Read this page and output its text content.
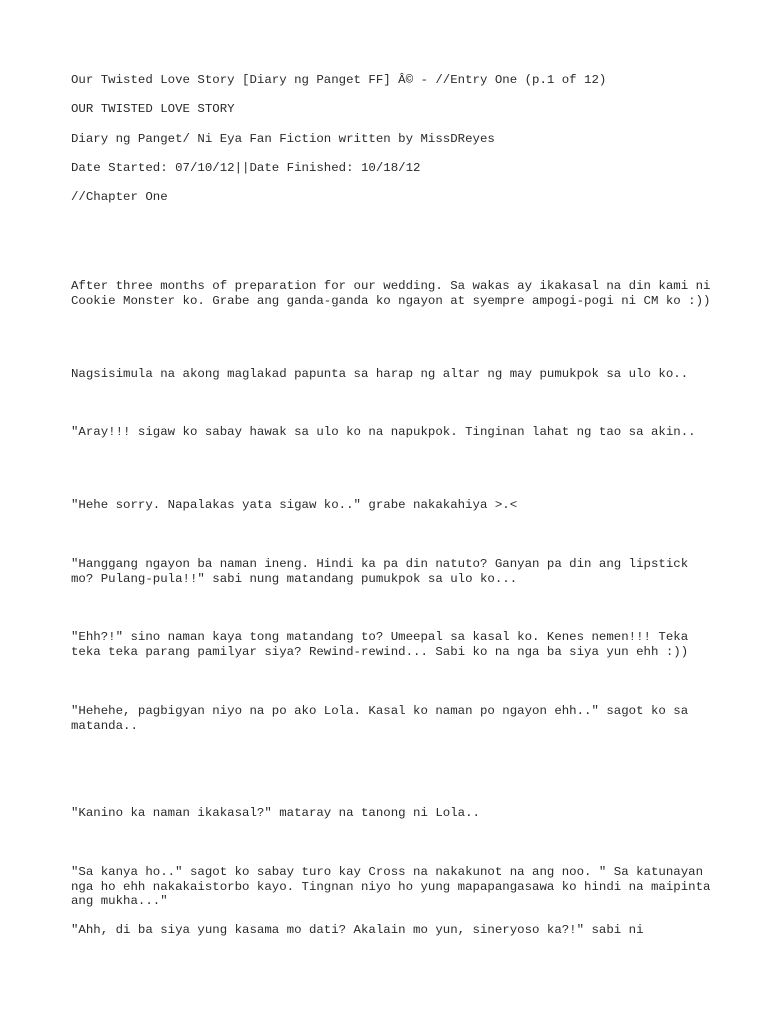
Our Twisted Love Story [Diary ng Panget FF] Â© - //Entry One (p.1 of 12)

OUR TWISTED LOVE STORY

Diary ng Panget/ Ni Eya Fan Fiction written by MissDReyes

Date Started: 07/10/12||Date Finished: 10/18/12

//Chapter One

After three months of preparation for our wedding. Sa wakas ay ikakasal na din kami ni Cookie Monster ko. Grabe ang ganda-ganda ko ngayon at syempre ampogi-pogi ni CM ko :))

Nagsisimula na akong maglakad papunta sa harap ng altar ng may pumukpok sa ulo ko..

"Aray!!! sigaw ko sabay hawak sa ulo ko na napukpok. Tinginan lahat ng tao sa akin..

"Hehe sorry. Napalakas yata sigaw ko.." grabe nakakahiya >.<

"Hanggang ngayon ba naman ineng. Hindi ka pa din natuto? Ganyan pa din ang lipstick mo? Pulang-pula!!" sabi nung matandang pumukpok sa ulo ko...

"Ehh?!" sino naman kaya tong matandang to? Umeepal sa kasal ko. Kenes nemen!!! Teka teka teka parang pamilyar siya? Rewind-rewind... Sabi ko na nga ba siya yun ehh :))

"Hehehe, pagbigyan niyo na po ako Lola. Kasal ko naman po ngayon ehh.." sagot ko sa matanda..

"Kanino ka naman ikakasal?" mataray na tanong ni Lola..

"Sa kanya ho.." sagot ko sabay turo kay Cross na nakakunot na ang noo. " Sa katunayan nga ho ehh nakakaistorbo kayo. Tingnan niyo ho yung mapapangasawa ko hindi na maipinta ang mukha..."

"Ahh, di ba siya yung kasama mo dati? Akalain mo yun, sineryoso ka?!" sabi ni
